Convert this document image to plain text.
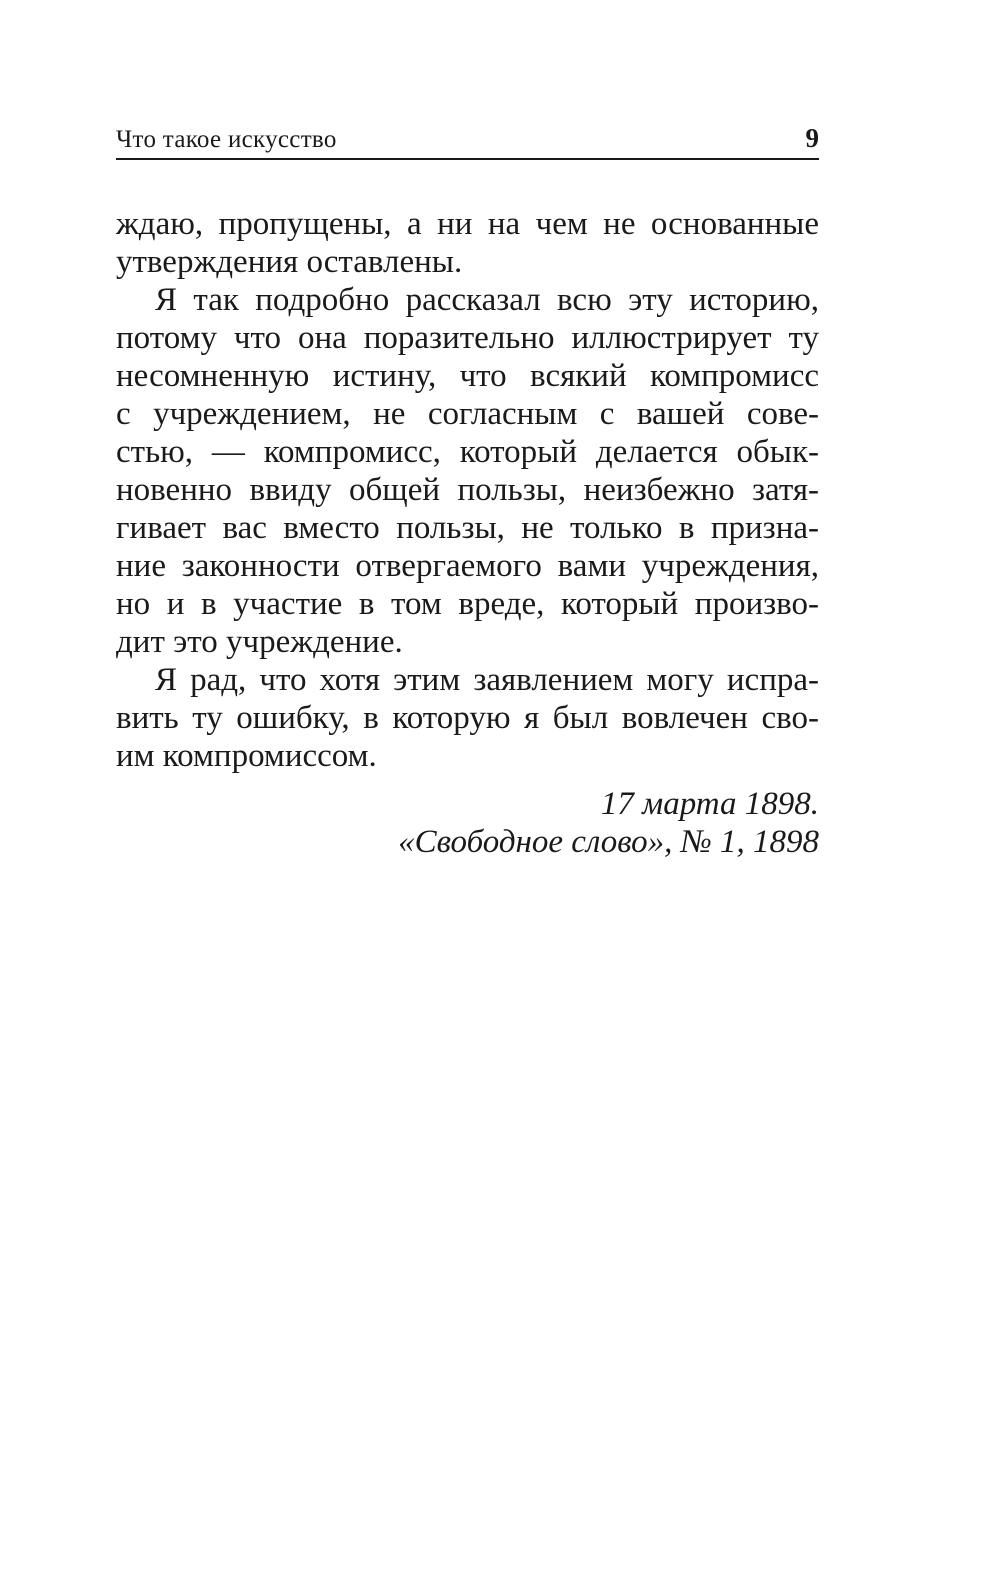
Что такое искусство	9
ждаю, пропущены, а ни на чем не основанные
утверждения оставлены.
Я так подробно рассказал всю эту историю,
потому что она поразительно иллюстрирует ту
несомненную истину, что всякий компромисс
с учреждением, не согласным с вашей сове-
стью, — компромисс, который делается обык-
новенно ввиду общей пользы, неизбежно затя-
гивает вас вместо пользы, не только в призна-
ние законности отвергаемого вами учреждения,
но и в участие в том вреде, который произво-
дит это учреждение.
Я рад, что хотя этим заявлением могу испра-
вить ту ошибку, в которую я был вовлечен сво-
им компромиссом.
17 марта 1898.
«Свободное слово», № 1, 1898
